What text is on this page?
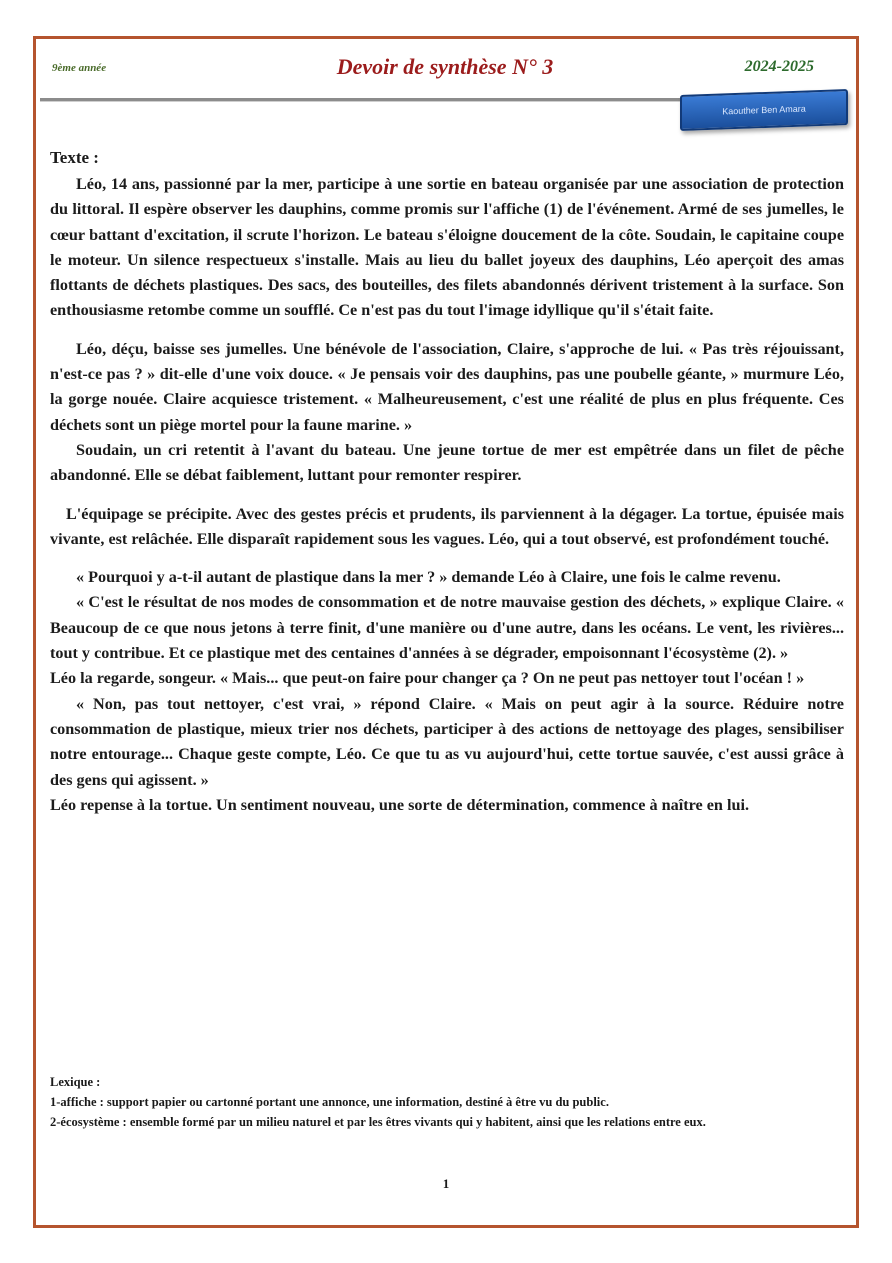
9ème année	Devoir de synthèse N° 3	2024-2025
Kaouther Ben Amara
Texte :

Léo, 14 ans, passionné par la mer, participe à une sortie en bateau organisée par une association de protection du littoral. Il espère observer les dauphins, comme promis sur l'affiche (1) de l'événement. Armé de ses jumelles, le cœur battant d'excitation, il scrute l'horizon. Le bateau s'éloigne doucement de la côte. Soudain, le capitaine coupe le moteur. Un silence respectueux s'installe. Mais au lieu du ballet joyeux des dauphins, Léo aperçoit des amas flottants de déchets plastiques. Des sacs, des bouteilles, des filets abandonnés dérivent tristement à la surface. Son enthousiasme retombe comme un soufflé. Ce n'est pas du tout l'image idyllique qu'il s'était faite.

Léo, déçu, baisse ses jumelles. Une bénévole de l'association, Claire, s'approche de lui. « Pas très réjouissant, n'est-ce pas ? » dit-elle d'une voix douce. « Je pensais voir des dauphins, pas une poubelle géante, » murmure Léo, la gorge nouée. Claire acquiesce tristement. « Malheureusement, c'est une réalité de plus en plus fréquente. Ces déchets sont un piège mortel pour la faune marine. »

Soudain, un cri retentit à l'avant du bateau. Une jeune tortue de mer est empêtrée dans un filet de pêche abandonné. Elle se débat faiblement, luttant pour remonter respirer.

L'équipage se précipite. Avec des gestes précis et prudents, ils parviennent à la dégager. La tortue, épuisée mais vivante, est relâchée. Elle disparaît rapidement sous les vagues. Léo, qui a tout observé, est profondément touché.

« Pourquoi y a-t-il autant de plastique dans la mer ? » demande Léo à Claire, une fois le calme revenu.

« C'est le résultat de nos modes de consommation et de notre mauvaise gestion des déchets, » explique Claire. « Beaucoup de ce que nous jetons à terre finit, d'une manière ou d'une autre, dans les océans. Le vent, les rivières... tout y contribue. Et ce plastique met des centaines d'années à se dégrader, empoisonnant l'écosystème (2). »

Léo la regarde, songeur. « Mais... que peut-on faire pour changer ça ? On ne peut pas nettoyer tout l'océan ! »

« Non, pas tout nettoyer, c'est vrai, » répond Claire. « Mais on peut agir à la source. Réduire notre consommation de plastique, mieux trier nos déchets, participer à des actions de nettoyage des plages, sensibiliser notre entourage... Chaque geste compte, Léo. Ce que tu as vu aujourd'hui, cette tortue sauvée, c'est aussi grâce à des gens qui agissent. »

Léo repense à la tortue. Un sentiment nouveau, une sorte de détermination, commence à naître en lui.

Lexique :

1-affiche : support papier ou cartonné portant une annonce, une information, destiné à être vu du public.

2-écosystème : ensemble formé par un milieu naturel et par les êtres vivants qui y habitent, ainsi que les relations entre eux.

1
